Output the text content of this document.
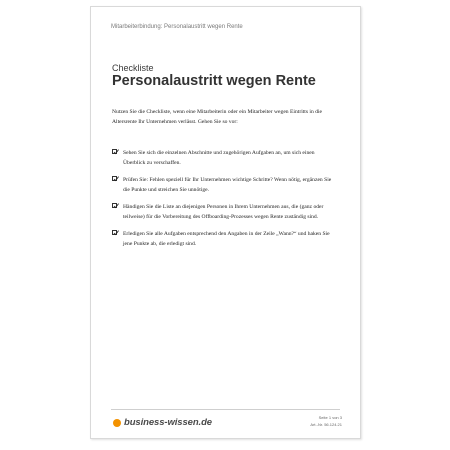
Mitarbeiterbindung: Personalaustritt wegen Rente
Checkliste
Personalaustritt wegen Rente

Nutzen Sie die Checkliste, wenn eine Mitarbeiterin oder ein Mitarbeiter wegen Eintritts in die Altersrente Ihr Unternehmen verlässt. Gehen Sie so vor:

Sehen Sie sich die einzelnen Abschnitte und zugehörigen Aufgaben an, um sich einen Überblick zu verschaffen.
Prüfen Sie: Fehlen speziell für Ihr Unternehmen wichtige Schritte? Wenn nötig, ergänzen Sie die Punkte und streichen Sie unnötige.
Händigen Sie die Liste an diejenigen Personen in Ihrem Unternehmen aus, die (ganz oder teilweise) für die Vorbereitung des Offboarding-Prozesses wegen Rente zuständig sind.
Erledigen Sie alle Aufgaben entsprechend den Angaben in der Zeile „Wann?“ und haken Sie jene Punkte ab, die erledigt sind.
business-wissen.de	Seite 1 von 3
Art.-Nr. 56.124.21
